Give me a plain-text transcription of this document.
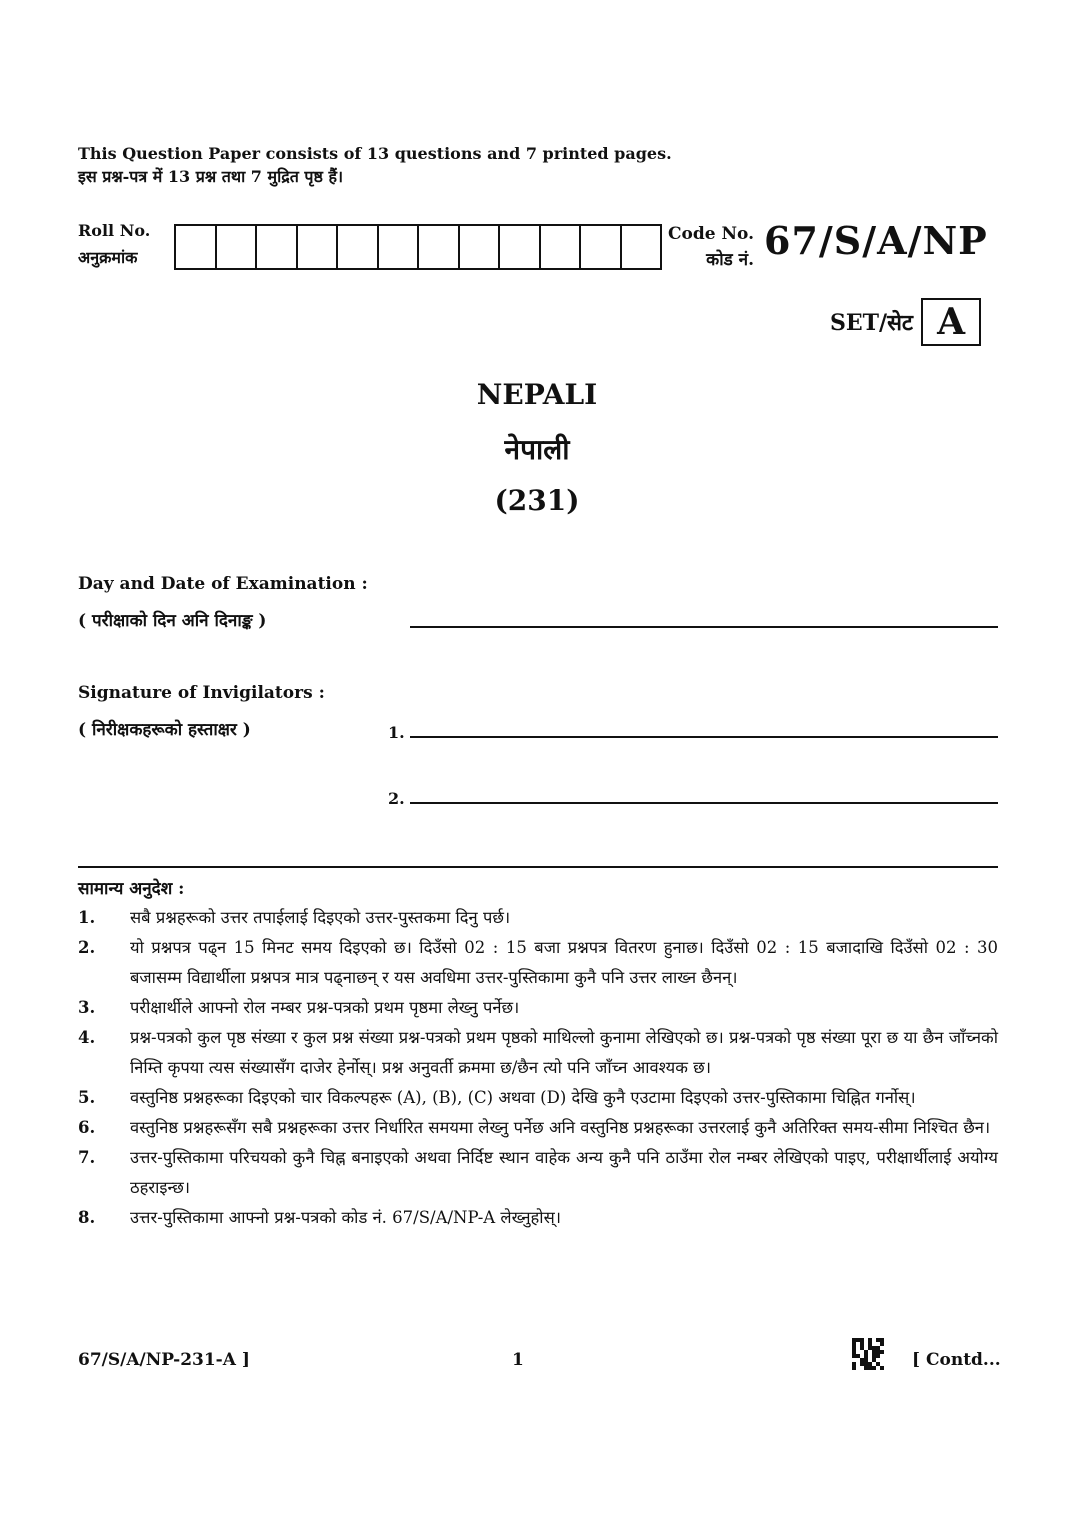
This Question Paper consists of 13 questions and 7 printed pages.
इस प्रश्न-पत्र में 13 प्रश्न तथा 7 मुद्रित पृष्ठ हैं।
Roll No.
अनुक्रमांक
Code No.
कोड नं. 67/S/A/NP
SET/सेट A
NEPALI
नेपाली
(231)
Day and Date of Examination :
( परीक्षाको दिन अनि दिनाङ्क )
Signature of Invigilators :
( निरीक्षकहरूको हस्ताक्षर )	1.
2.
सामान्य अनुदेश :
1.	सबै प्रश्नहरूको उत्तर तपाईलाई दिइएको उत्तर-पुस्तकमा दिनु पर्छ।
2.	यो प्रश्नपत्र पढ्न 15 मिनट समय दिइएको छ। दिउँसो 02 : 15 बजा प्रश्नपत्र वितरण हुनाछ। दिउँसो 02 : 15 बजादाखि दिउँसो 02 : 30 बजासम्म विद्यार्थीला प्रश्नपत्र मात्र पढ्नाछन् र यस अवधिमा उत्तर-पुस्तिकामा कुनै पनि उत्तर लाख्न छैनन्।
3.	परीक्षार्थीले आफ्नो रोल नम्बर प्रश्न-पत्रको प्रथम पृष्ठमा लेख्नु पर्नेछ।
4.	प्रश्न-पत्रको कुल पृष्ठ संख्या र कुल प्रश्न संख्या प्रश्न-पत्रको प्रथम पृष्ठको माथिल्लो कुनामा लेखिएको छ। प्रश्न-पत्रको पृष्ठ संख्या पूरा छ या छैन जाँच्नको निम्ति कृपया त्यस संख्यासँग दाजेर हेर्नोस्। प्रश्न अनुवर्ती क्रममा छ/छैन त्यो पनि जाँच्न आवश्यक छ।
5.	वस्तुनिष्ठ प्रश्नहरूका दिइएको चार विकल्पहरू (A), (B), (C) अथवा (D) देखि कुनै एउटामा दिइएको उत्तर-पुस्तिकामा चिह्नित गर्नोस्।
6.	वस्तुनिष्ठ प्रश्नहरूसँग सबै प्रश्नहरूका उत्तर निर्धारित समयमा लेख्नु पर्नेछ अनि वस्तुनिष्ठ प्रश्नहरूका उत्तरलाई कुनै अतिरिक्त समय-सीमा निश्चित छैन।
7.	उत्तर-पुस्तिकामा परिचयको कुनै चिह्न बनाइएको अथवा निर्दिष्ट स्थान वाहेक अन्य कुनै पनि ठाउँमा रोल नम्बर लेखिएको पाइए, परीक्षार्थीलाई अयोग्य ठहराइन्छ।
8.	उत्तर-पुस्तिकामा आफ्नो प्रश्न-पत्रको कोड नं. 67/S/A/NP-A लेख्नुहोस्।
67/S/A/NP-231-A ]	1	[ Contd...
